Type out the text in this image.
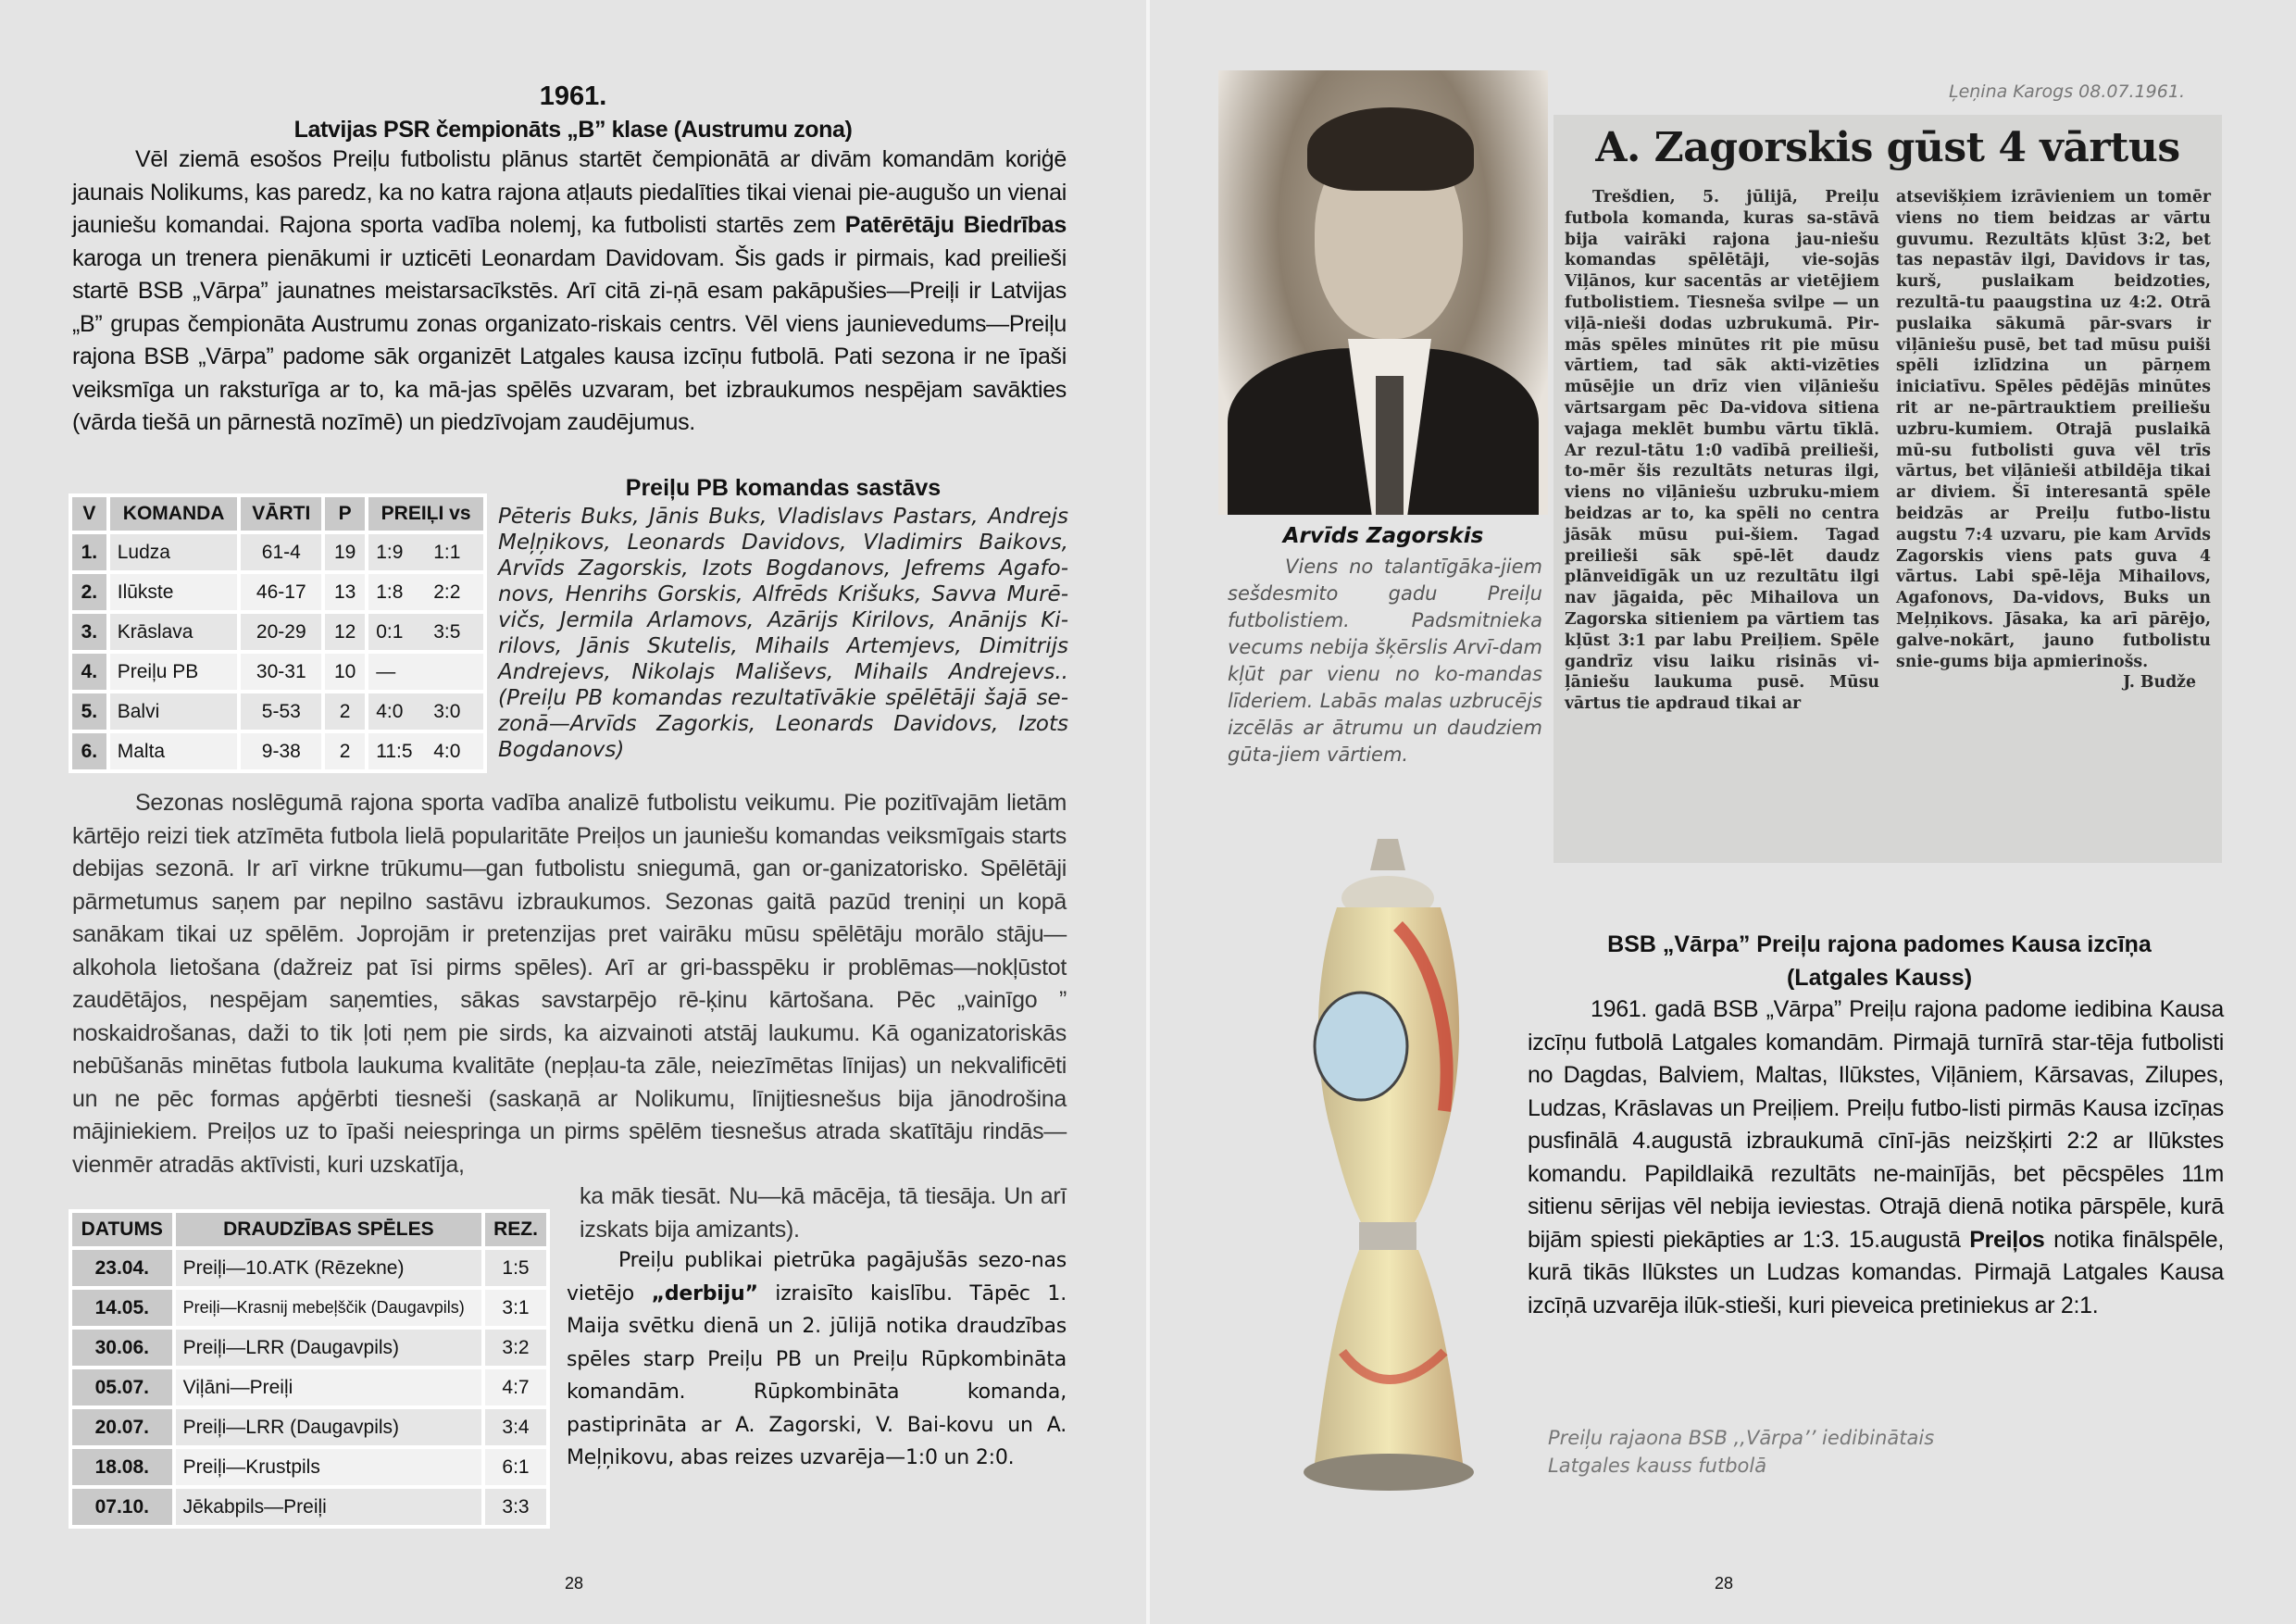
1961.
Latvijas PSR čempionāts „B” klase (Austrumu zona)

Vēl ziemā esošos Preiļu futbolistu plānus startēt čempionātā ar divām komandām koriģē jaunais Nolikums, kas paredz, ka no katra rajona atļauts piedalīties tikai vienai pie-augušo un vienai jauniešu komandai. Rajona sporta vadība nolemj, ka futbolisti startēs zem Patērētāju Biedrības karoga un trenera pienākumi ir uzticēti Leonardam Davidovam. Šis gads ir pirmais, kad preilieši startē BSB „Vārpa” jaunatnes meistarsacīkstēs. Arī citā zi-ņā esam pakāpušies—Preiļi ir Latvijas „B” grupas čempionāta Austrumu zonas organizato-riskais centrs. Vēl viens jaunievedums—Preiļu rajona BSB „Vārpa” padome sāk organizēt Latgales kausa izcīņu futbolā. Pati sezona ir ne īpaši veiksmīga un raksturīga ar to, ka mā-jas spēlēs uzvaram, bet izbraukumos nespējam savākties (vārda tiešā un pārnestā nozīmē) un piedzīvojam zaudējumus.

V	KOMANDA	VĀRTI	P	PREIĻI vs
1.	Ludza	61-4	19	1:9 1:1
2.	Ilūkste	46-17	13	1:8 2:2
3.	Krāslava	20-29	12	0:1 3:5
4.	Preiļu PB	30-31	10	—
5.	Balvi	5-53	2	4:0 3:0
6.	Malta	9-38	2	11:5 4:0
Preiļu PB komandas sastāvs
Pēteris Buks, Jānis Buks, Vladislavs Pastars, Andrejs Meļņikovs, Leonards Davidovs, Vladimirs Baikovs, Arvīds Zagorskis, Izots Bogdanovs, Jefrems Agafo-novs, Henrihs Gorskis, Alfrēds Krišuks, Savva Murē-vičs, Jermila Arlamovs, Azārijs Kirilovs, Anānijs Ki-rilovs, Jānis Skutelis, Mihails Artemjevs, Dimitrijs Andrejevs, Nikolajs Mališevs, Mihails Andrejevs.. (Preiļu PB komandas rezultatīvākie spēlētāji šajā se-zonā—Arvīds Zagorkis, Leonards Davidovs, Izots Bogdanovs)

Sezonas noslēgumā rajona sporta vadība analizē futbolistu veikumu. Pie pozitīvajām lietām kārtējo reizi tiek atzīmēta futbola lielā popularitāte Preiļos un jauniešu komandas veiksmīgais starts debijas sezonā. Ir arī virkne trūkumu—gan futbolistu sniegumā, gan or-ganizatorisko. Spēlētāji pārmetumus saņem par nepilno sastāvu izbraukumos. Sezonas gaitā pazūd treniņi un kopā sanākam tikai uz spēlēm. Joprojām ir pretenzijas pret vairāku mūsu spēlētāju morālo stāju—alkohola lietošana (dažreiz pat īsi pirms spēles). Arī ar gri-basspēku ir problēmas—nokļūstot zaudētājos, nespējam saņemties, sākas savstarpējo rē-ķinu kārtošana. Pēc „vainīgo ” noskaidrošanas, daži to tik ļoti ņem pie sirds, ka aizvainoti atstāj laukumu. Kā oganizatoriskās nebūšanās minētas futbola laukuma kvalitāte (nepļau-ta zāle, neiezīmētas līnijas) un nekvalificēti un ne pēc formas apģērbti tiesneši (saskaņā ar Nolikumu, līnijtiesnešus bija jānodrošina mājiniekiem. Preiļos uz to īpaši neiespringa un pirms spēlēm tiesnešus atrada skatītāju rindās—vienmēr atradās aktīvisti, kuri uzskatīja,

ka māk tiesāt. Nu—kā mācēja, tā tiesāja. Un arī izskats bija amizants).

DATUMS	DRAUDZĪBAS SPĒLES	REZ.
23.04.	Preiļi—10.ATK (Rēzekne)	1:5
14.05.	Preiļi—Krasnij mebeļščik (Daugavpils)	3:1
30.06.	Preiļi—LRR (Daugavpils)	3:2
05.07.	Viļāni—Preiļi	4:7
20.07.	Preiļi—LRR (Daugavpils)	3:4
18.08.	Preiļi—Krustpils	6:1
07.10.	Jēkabpils—Preiļi	3:3

Preiļu publikai pietrūka pagājušās sezo-nas vietējo „derbiju” izraisīto kaislību. Tāpēc 1. Maija svētku dienā un 2. jūlijā notika draudzības spēles starp Preiļu PB un Preiļu Rūpkombināta komandām. Rūpkombināta komanda, pastiprināta ar A. Zagorski, V. Bai-kovu un A. Meļņikovu, abas reizes uzvarēja—1:0 un 2:0.

28
Arvīds Zagorskis
Viens no talantīgāka-jiem sešdesmito gadu Preiļu futbolistiem. Padsmitnieka vecums nebija šķērslis Arvī-dam kļūt par vienu no ko-mandas līderiem. Labās malas uzbrucējs izcēlās ar ātrumu un daudziem gūta-jiem vārtiem.
Ļeņina Karogs 08.07.1961.
A. Zagorskis gūst 4 vārtus
Trešdien, 5. jūlijā, Preiļu futbola komanda, kuras sa-stāvā bija vairāki rajona jau-niešu komandas spēlētāji, vie-sojās Viļānos, kur sacentās ar vietējiem futbolistiem. Tiesneša svilpe — un viļā-nieši dodas uzbrukumā. Pir-mās spēles minūtes rit pie mūsu vārtiem, tad sāk akti-vizēties mūsējie un drīz vien viļāniešu vārtsargam pēc Da-vidova sitiena vajaga meklēt bumbu vārtu tīklā. Ar rezul-tātu 1:0 vadībā preilieši, to-mēr šis rezultāts neturas ilgi, viens no viļāniešu uzbruku-miem beidzas ar to, ka spēli no centra jāsāk mūsu pui-šiem. Tagad preilieši sāk spē-lēt daudz plānveidīgāk un uz rezultātu ilgi nav jāgaida, pēc Mihailova un Zagorska sitieniem pa vārtiem tas kļūst 3:1 par labu Preiļiem. Spēle gandrīz visu laiku risinās vi-ļāniešu laukuma pusē. Mūsu vārtus tie apdraud tikai ar
atsevišķiem izrāvieniem un tomēr viens no tiem beidzas ar vārtu guvumu. Rezultāts kļūst 3:2, bet tas nepastāv ilgi, Davidovs ir tas, kurš, puslaikam beidzoties, rezultā-tu paaugstina uz 4:2. Otrā puslaika sākumā pār-svars ir viļāniešu pusē, bet tad mūsu puiši spēli izlīdzina un pārņem iniciatīvu. Spēles pēdējās minūtes rit ar ne-pārtrauktiem preiliešu uzbru-kumiem. Otrajā puslaikā mū-su futbolisti guva vēl trīs vārtus, bet viļānieši atbildēja tikai ar diviem. Šī interesantā spēle beidzās ar Preiļu futbo-listu augstu 7:4 uzvaru, pie kam Arvīds Zagorskis viens pats guva 4 vārtus. Labi spē-lēja Mihailovs, Agafonovs, Da-vidovs, Buks un Meļņikovs. Jāsaka, ka arī pārējo, galve-nokārt, jauno futbolistu snie-gums bija apmierinošs.
J. Budže
BSB „Vārpa” Preiļu rajona padomes Kausa izcīņa
(Latgales Kauss)

1961. gadā BSB „Vārpa” Preiļu rajona padome iedibina Kausa izcīņu futbolā Latgales komandām. Pirmajā turnīrā star-tēja futbolisti no Dagdas, Balviem, Maltas, Ilūkstes, Viļāniem, Kārsavas, Zilupes, Ludzas, Krāslavas un Preiļiem. Preiļu futbo-listi pirmās Kausa izcīņas pusfinālā 4.augustā izbraukumā cīnī-jās neizšķirti 2:2 ar Ilūkstes komandu. Papildlaikā rezultāts ne-mainījās, bet pēcspēles 11m sitienu sērijas vēl nebija ieviestas. Otrajā dienā notika pārspēle, kurā bijām spiesti piekāpties ar 1:3. 15.augustā Preiļos notika finālspēle, kurā tikās Ilūkstes un Ludzas komandas. Pirmajā Latgales Kausa izcīņā uzvarēja ilūk-stieši, kuri pieveica pretiniekus ar 2:1.

Preiļu rajaona BSB ,,Vārpa’’ iedibinātais
Latgales kauss futbolā
28
